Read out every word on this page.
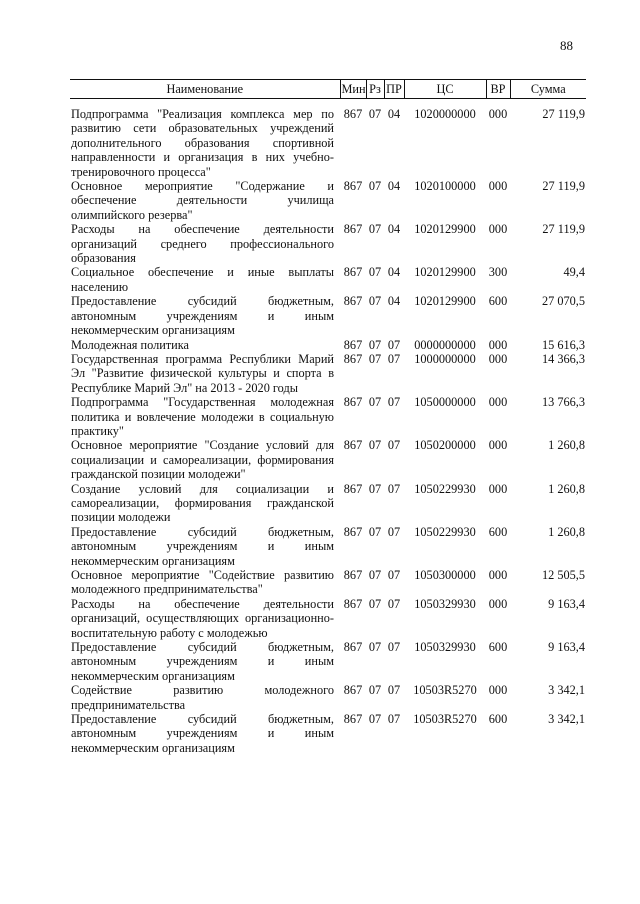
88
Наименование	Мин	Рз	ПР	ЦС	ВР	Сумма
Подпрограмма "Реализация комплекса мер по развитию сети образовательных учреждений дополнительного образования спортивной направленности и организация в них учебно-тренировочного процесса"	867	07	04	1020000000	000	27 119,9
Основное мероприятие "Содержание и обеспечение деятельности училища олимпийского резерва"	867	07	04	1020100000	000	27 119,9
Расходы на обеспечение деятельности организаций среднего профессионального образования	867	07	04	1020129900	000	27 119,9
Социальное обеспечение и иные выплаты населению	867	07	04	1020129900	300	49,4
Предоставление субсидий бюджетным, автономным учреждениям и иным некоммерческим организациям	867	07	04	1020129900	600	27 070,5
Молодежная политика	867	07	07	0000000000	000	15 616,3
Государственная программа Республики Марий Эл "Развитие физической культуры и спорта в Республике Марий Эл" на 2013 - 2020 годы	867	07	07	1000000000	000	14 366,3
Подпрограмма "Государственная молодежная политика и вовлечение молодежи в социальную практику"	867	07	07	1050000000	000	13 766,3
Основное мероприятие "Создание условий для социализации и самореализации, формирования гражданской позиции молодежи"	867	07	07	1050200000	000	1 260,8
Создание условий для социализации и самореализации, формирования гражданской позиции молодежи	867	07	07	1050229930	000	1 260,8
Предоставление субсидий бюджетным, автономным учреждениям и иным некоммерческим организациям	867	07	07	1050229930	600	1 260,8
Основное мероприятие "Содействие развитию молодежного предпринимательства"	867	07	07	1050300000	000	12 505,5
Расходы на обеспечение деятельности организаций, осуществляющих организационно-воспитательную работу с молодежью	867	07	07	1050329930	000	9 163,4
Предоставление субсидий бюджетным, автономным учреждениям и иным некоммерческим организациям	867	07	07	1050329930	600	9 163,4
Содействие развитию молодежного предпринимательства	867	07	07	10503R5270	000	3 342,1
Предоставление субсидий бюджетным, автономным учреждениям и иным некоммерческим организациям	867	07	07	10503R5270	600	3 342,1
